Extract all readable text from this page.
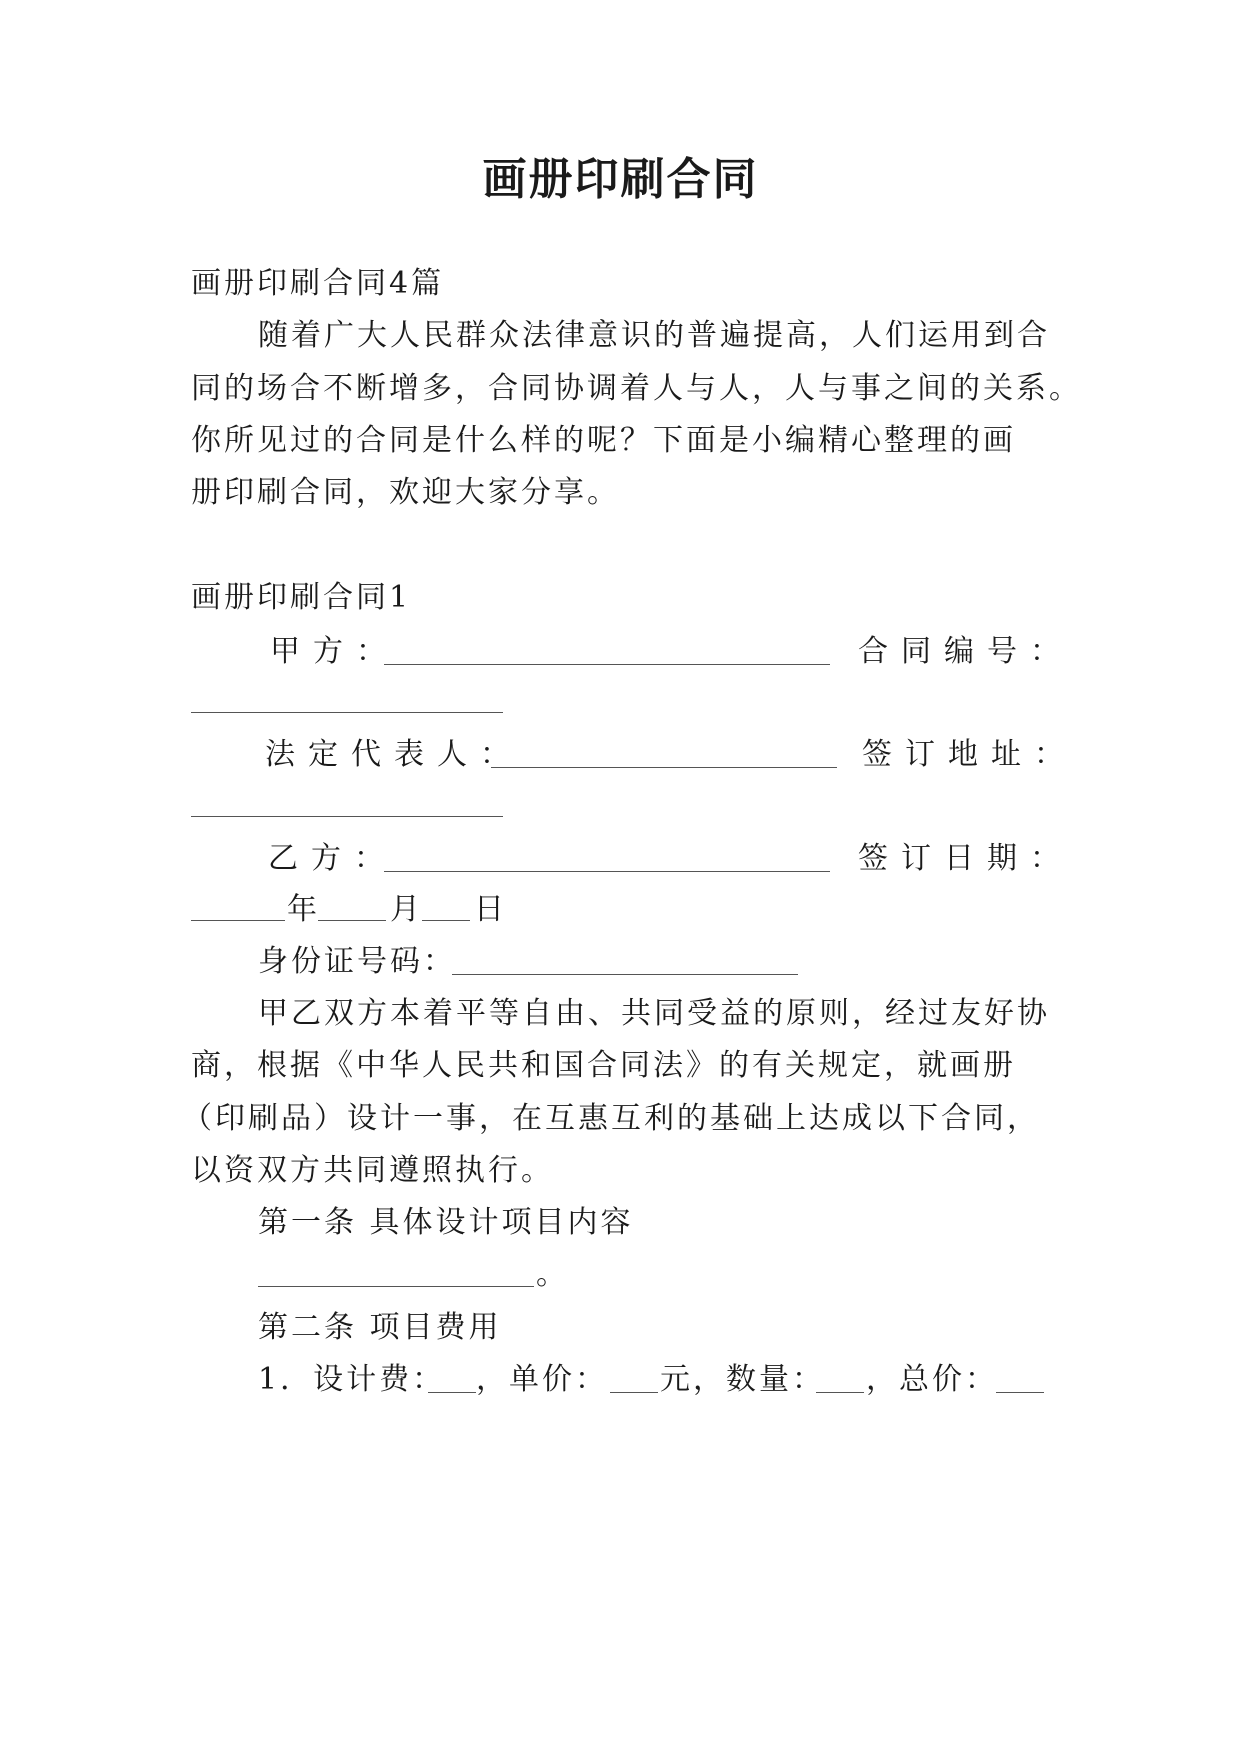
画册印刷合同
画册印刷合同4篇
随着广大人民群众法律意识的普遍提高，人们运用到合
同的场合不断增多，合同协调着人与人，人与事之间的关系。
你所见过的合同是什么样的呢？下面是小编精心整理的画
册印刷合同，欢迎大家分享。
画册印刷合同1
甲方：	合同编号：
法定代表人：	签订地址：
乙方：	签订日期：
年 月 日
身份证号码：
甲乙双方本着平等自由、共同受益的原则，经过友好协
商，根据《中华人民共和国合同法》的有关规定，就画册
（印刷品）设计一事，在互惠互利的基础上达成以下合同，
以资双方共同遵照执行。
第一条 具体设计项目内容
。
第二条 项目费用
1．设计费： ，单价： 元，数量： ，总价：
